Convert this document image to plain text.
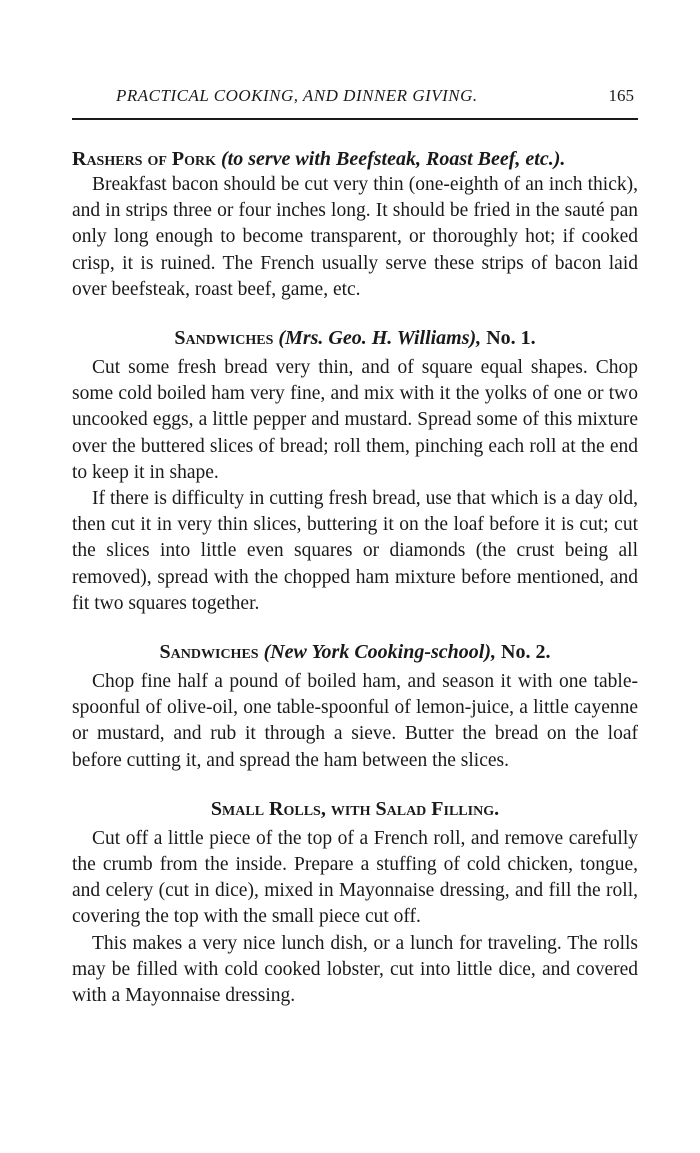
PRACTICAL COOKING, AND DINNER GIVING.	165
Rashers of Pork (to serve with Beefsteak, Roast Beef, etc.).

Breakfast bacon should be cut very thin (one-eighth of an inch thick), and in strips three or four inches long. It should be fried in the sauté pan only long enough to become transparent, or thoroughly hot; if cooked crisp, it is ruined. The French usually serve these strips of bacon laid over beefsteak, roast beef, game, etc.

Sandwiches (Mrs. Geo. H. Williams), No. 1.

Cut some fresh bread very thin, and of square equal shapes. Chop some cold boiled ham very fine, and mix with it the yolks of one or two uncooked eggs, a little pepper and mustard. Spread some of this mixture over the buttered slices of bread; roll them, pinching each roll at the end to keep it in shape.

If there is difficulty in cutting fresh bread, use that which is a day old, then cut it in very thin slices, buttering it on the loaf before it is cut; cut the slices into little even squares or diamonds (the crust being all removed), spread with the chopped ham mixture before mentioned, and fit two squares together.

Sandwiches (New York Cooking-school), No. 2.

Chop fine half a pound of boiled ham, and season it with one table-spoonful of olive-oil, one table-spoonful of lemon-juice, a little cayenne or mustard, and rub it through a sieve. Butter the bread on the loaf before cutting it, and spread the ham between the slices.

Small Rolls, with Salad Filling.

Cut off a little piece of the top of a French roll, and remove carefully the crumb from the inside. Prepare a stuffing of cold chicken, tongue, and celery (cut in dice), mixed in Mayonnaise dressing, and fill the roll, covering the top with the small piece cut off.

This makes a very nice lunch dish, or a lunch for traveling. The rolls may be filled with cold cooked lobster, cut into little dice, and covered with a Mayonnaise dressing.
